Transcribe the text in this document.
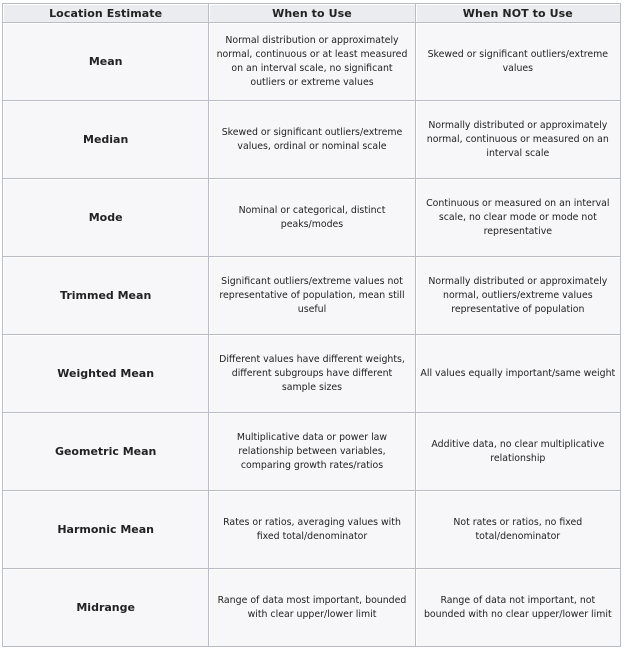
Location Estimate	When to Use	When NOT to Use
Mean	Normal distribution or approximately normal, continuous or at least measured on an interval scale, no significant outliers or extreme values	Skewed or significant outliers/extreme values
Median	Skewed or significant outliers/extreme values, ordinal or nominal scale	Normally distributed or approximately normal, continuous or measured on an interval scale
Mode	Nominal or categorical, distinct peaks/modes	Continuous or measured on an interval scale, no clear mode or mode not representative
Trimmed Mean	Significant outliers/extreme values not representative of population, mean still useful	Normally distributed or approximately normal, outliers/extreme values representative of population
Weighted Mean	Different values have different weights, different subgroups have different sample sizes	All values equally important/same weight
Geometric Mean	Multiplicative data or power law relationship between variables, comparing growth rates/ratios	Additive data, no clear multiplicative relationship
Harmonic Mean	Rates or ratios, averaging values with fixed total/denominator	Not rates or ratios, no fixed total/denominator
Midrange	Range of data most important, bounded with clear upper/lower limit	Range of data not important, not bounded with no clear upper/lower limit
